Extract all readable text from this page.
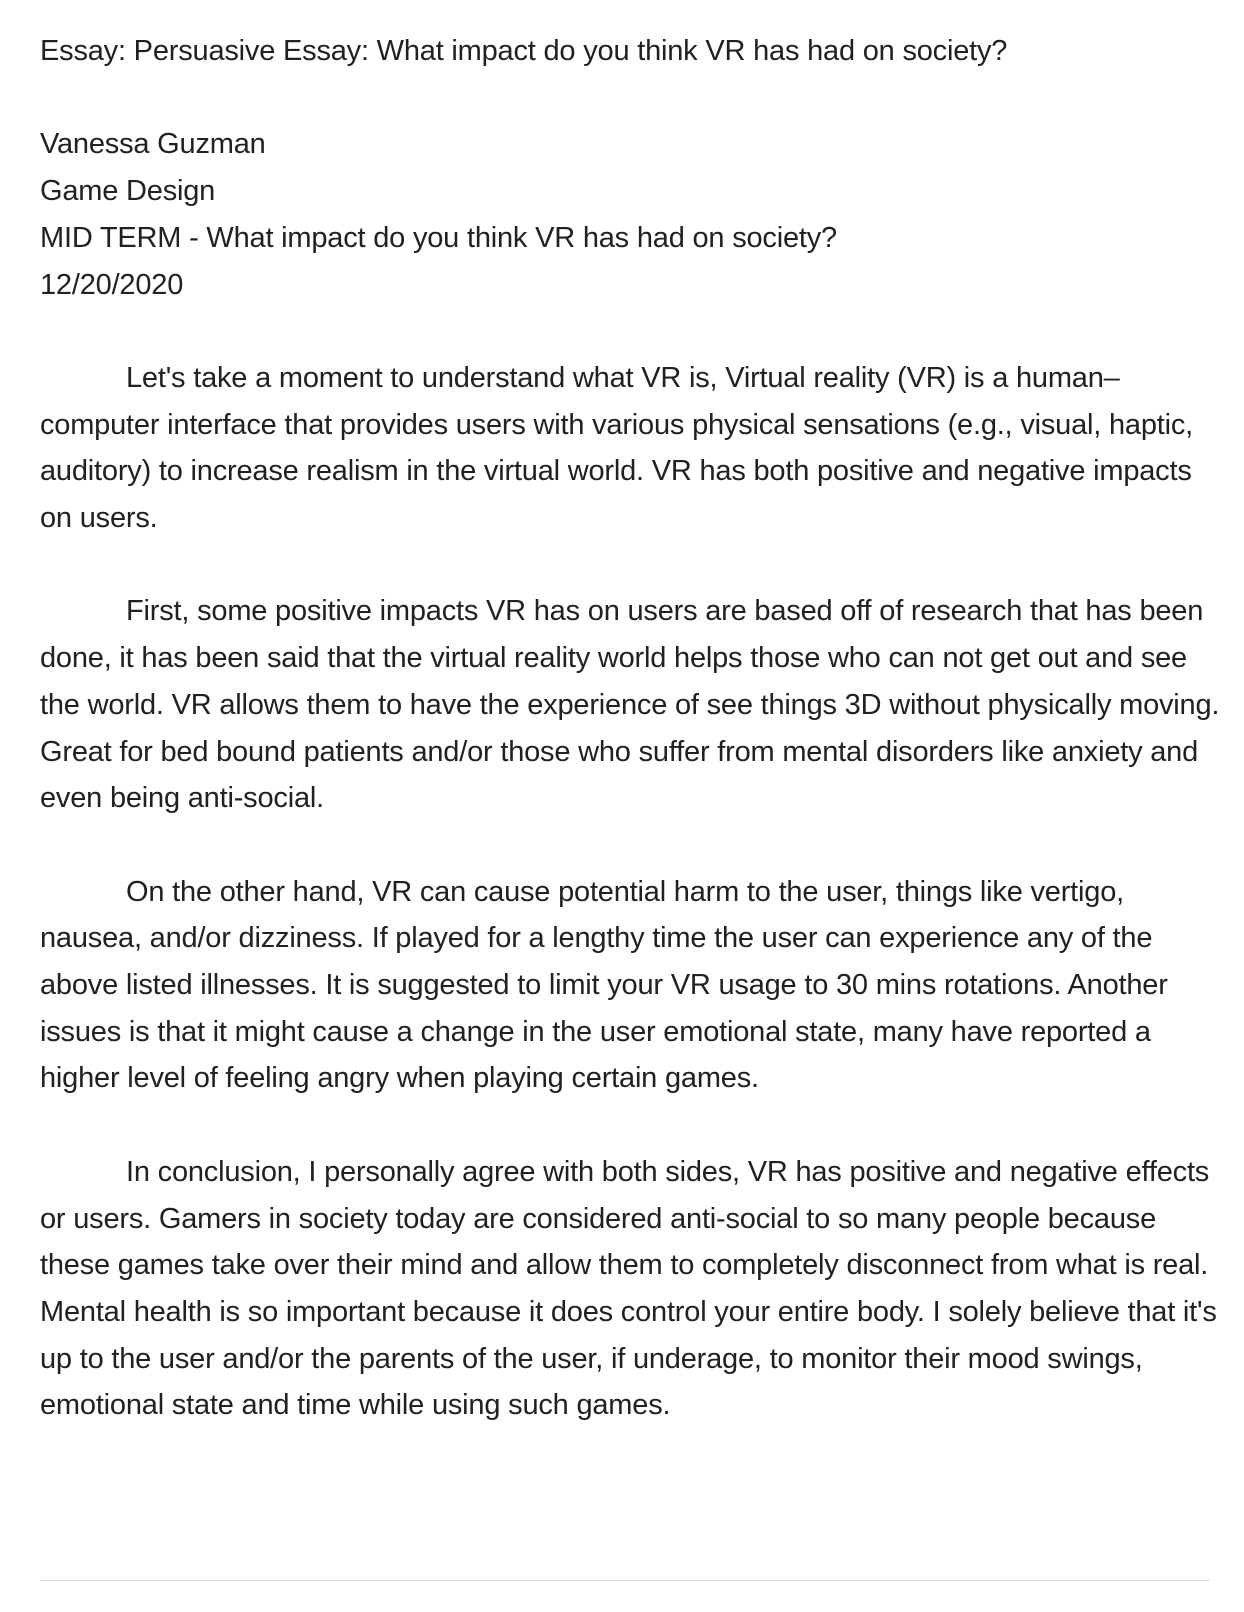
Essay: Persuasive Essay: What impact do you think VR has had on society?

Vanessa Guzman

Game Design

MID TERM - What impact do you think VR has had on society?

12/20/2020

Let's take a moment to understand what VR is, Virtual reality (VR) is a human–computer interface that provides users with various physical sensations (e.g., visual, haptic, auditory) to increase realism in the virtual world. VR has both positive and negative impacts on users.

First, some positive impacts VR has on users are based off of research that has been done, it has been said that the virtual reality world helps those who can not get out and see the world. VR allows them to have the experience of see things 3D without physically moving. Great for bed bound patients and/or those who suffer from mental disorders like anxiety and even being anti-social.

On the other hand, VR can cause potential harm to the user, things like vertigo, nausea, and/or dizziness. If played for a lengthy time the user can experience any of the above listed illnesses. It is suggested to limit your VR usage to 30 mins rotations. Another issues is that it might cause a change in the user emotional state, many have reported a higher level of feeling angry when playing certain games.

In conclusion, I personally agree with both sides, VR has positive and negative effects or users. Gamers in society today are considered anti-social to so many people because these games take over their mind and allow them to completely disconnect from what is real. Mental health is so important because it does control your entire body. I solely believe that it's up to the user and/or the parents of the user, if underage, to monitor their mood swings, emotional state and time while using such games.
